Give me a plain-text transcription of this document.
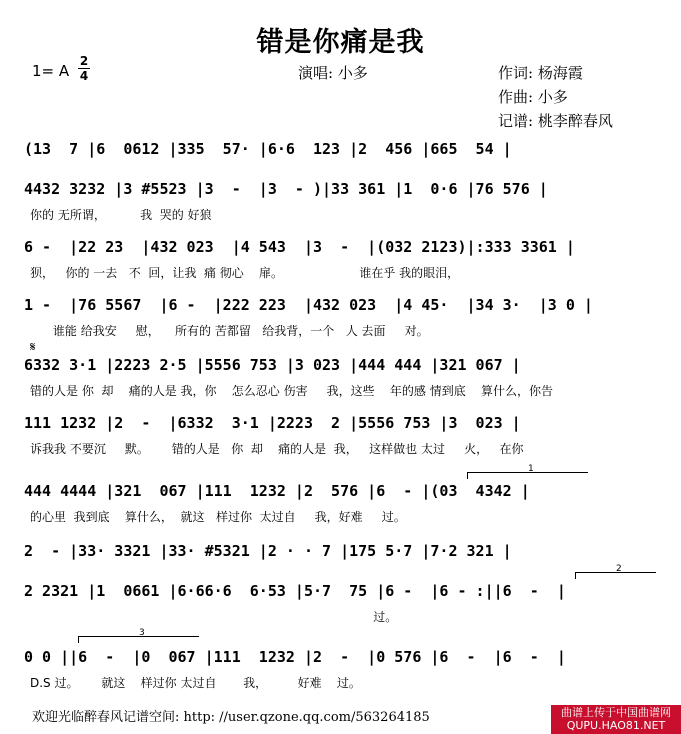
错是你痛是我
1= A
2
4	演唱: 小多	作词: 杨海霞
作曲: 小多
记谱: 桃李醉春风
(13  7 |6  0612 |335  57· |6·6  123 |2  456 |665  54 |
4432 3232 |3 #5523 |3  -  |3  - )|33 361 |1  0·6 |76 576 |
你的 无所谓，         我  哭的 好狼
6 -  |22 23  |432 023  |4 543  |3  -  |(032 2123)|:333 3361 |
狈，   你的 一去   不  回，让我  痛 彻心    扉。                    谁在乎 我的眼泪，
1 -  |76 5567  |6 -  |222 223  |432 023  |4 45·  |34 3·  |3 0 |
谁能 给我安     慰，    所有的 苦都留   给我背，一个   人 去面     对。
6332 3·1 |2223 2·5 |5556 753 |3 023 |444 444 |321 067 |
错的人是 你  却    痛的人是 我，你    怎么忍心 伤害     我，这些    年的感 情到底    算什么，你告
111 1232 |2  -  |6332  3·1 |2223  2 |5556 753 |3  023 |
诉我我 不要沉     默。      错的人是   你  却    痛的人是  我，   这样做也 太过     火，   在你
444 4444 |321  067 |111  1232 |2  576 |6  - |(03  4342 |
的心里  我到底    算什么，  就这   样过你  太过自     我，好难     过。
2  - |33· 3321 |33· #5321 |2 · · 7 |175 5·7 |7·2 321 |
2 2321 |1  0661 |6·66·6  6·53 |5·7  75 |6 -  |6 - :||6  -  |
过。
0 0 ||6  -  |0  067 |111  1232 |2  -  |0 576 |6  -  |6  -  |
D.S 过。      就这    样过你 太过自       我，        好难    过。
1
2
3
𝄋
欢迎光临醉春风记谱空间: http: //user.qzone.qq.com/563264185	曲谱上传于中国曲谱网
QUPU.HAO81.NET
